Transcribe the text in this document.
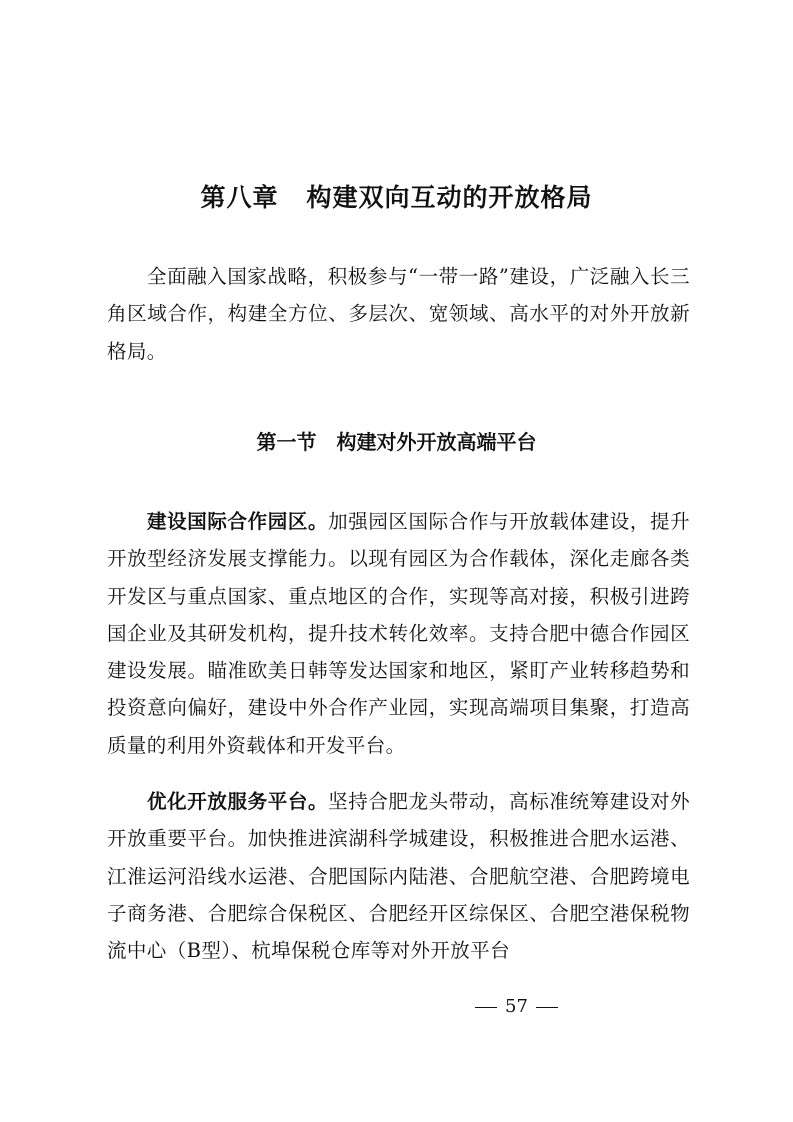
第八章 构建双向互动的开放格局

全面融入国家战略，积极参与“一带一路”建设，广泛融入长三角区域合作，构建全方位、多层次、宽领域、高水平的对外开放新格局。

第一节 构建对外开放高端平台

建设国际合作园区。加强园区国际合作与开放载体建设，提升开放型经济发展支撑能力。以现有园区为合作载体，深化走廊各类开发区与重点国家、重点地区的合作，实现等高对接，积极引进跨国企业及其研发机构，提升技术转化效率。支持合肥中德合作园区建设发展。瞄准欧美日韩等发达国家和地区，紧盯产业转移趋势和投资意向偏好，建设中外合作产业园，实现高端项目集聚，打造高质量的利用外资载体和开发平台。

优化开放服务平台。坚持合肥龙头带动，高标准统筹建设对外开放重要平台。加快推进滨湖科学城建设，积极推进合肥水运港、江淮运河沿线水运港、合肥国际内陆港、合肥航空港、合肥跨境电子商务港、合肥综合保税区、合肥经开区综保区、合肥空港保税物流中心（B型）、杭埠保税仓库等对外开放平台

57
